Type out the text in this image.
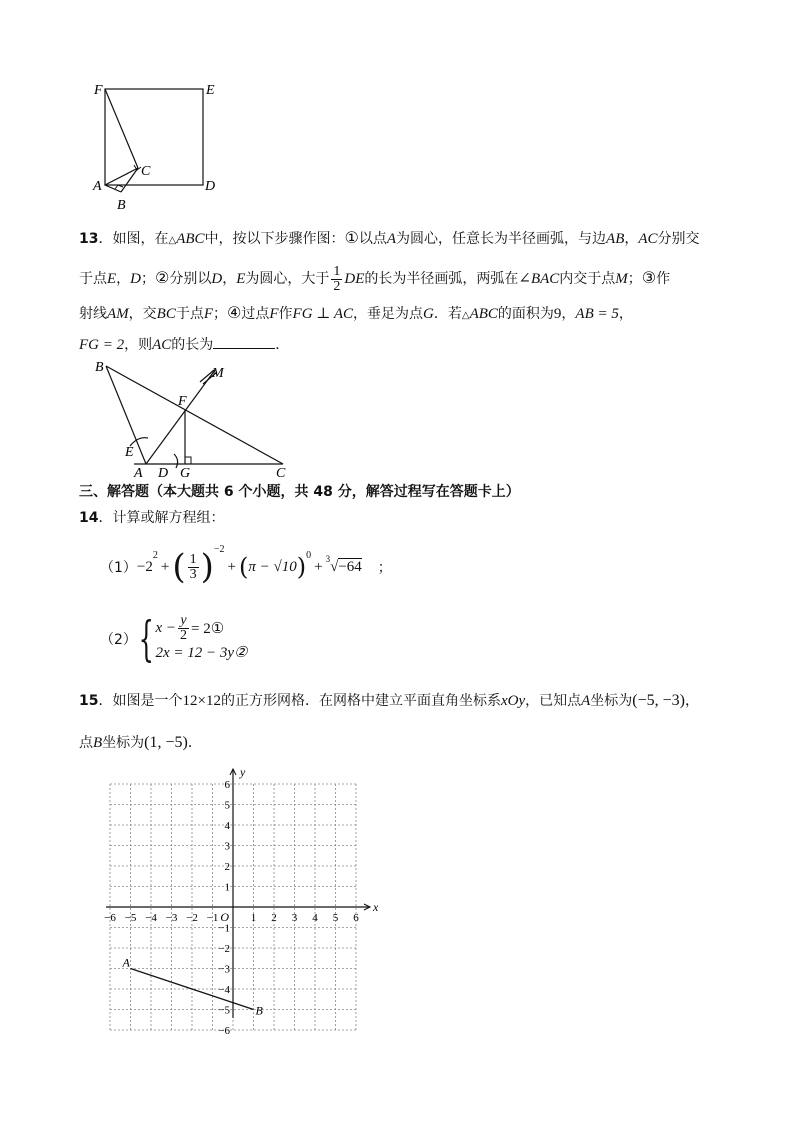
F	E
C
A	D
B
13．如图，在△ABC中，按以下步骤作图：①以点A为圆心，任意长为半径画弧，与边AB，AC分别交
于点E，D；②分别以D，E为圆心，大于 $\frac{1}{2}$ DE的长为半径画弧，两弧在∠BAC内交于点M；③作
射线AM，交BC于点F；④过点F作FG ⊥ AC，垂足为点G．若△ABC的面积为9，AB = 5，
FG = 2，则AC的长为	．
B	M
F
E
A D G	C
三、解答题（本大题共 6 个小题，共 48 分，解答过程写在答题卡上）
14．计算或解方程组：
（1） −2
$^2$
+ ( $\frac{1}{3} )^{-2}$
+ ( π − √10 )$^0$
+ $^3$ √ −64 ；
（2） { $x - \frac{y}{2}$ = 2①
2x = 12 − 3y②
15．如图是一个12×12的正方形网格．在网格中建立平面直角坐标系xOy，已知点A坐标为(−5, −3)，
点B坐标为(1, −5)．
x
y
−6 −5 −4 −3 −2 −1	1 2 3 4 5 6
6
5
4
3
2
1
−1
−2
−3
−4
−5
−6
O
A
B
